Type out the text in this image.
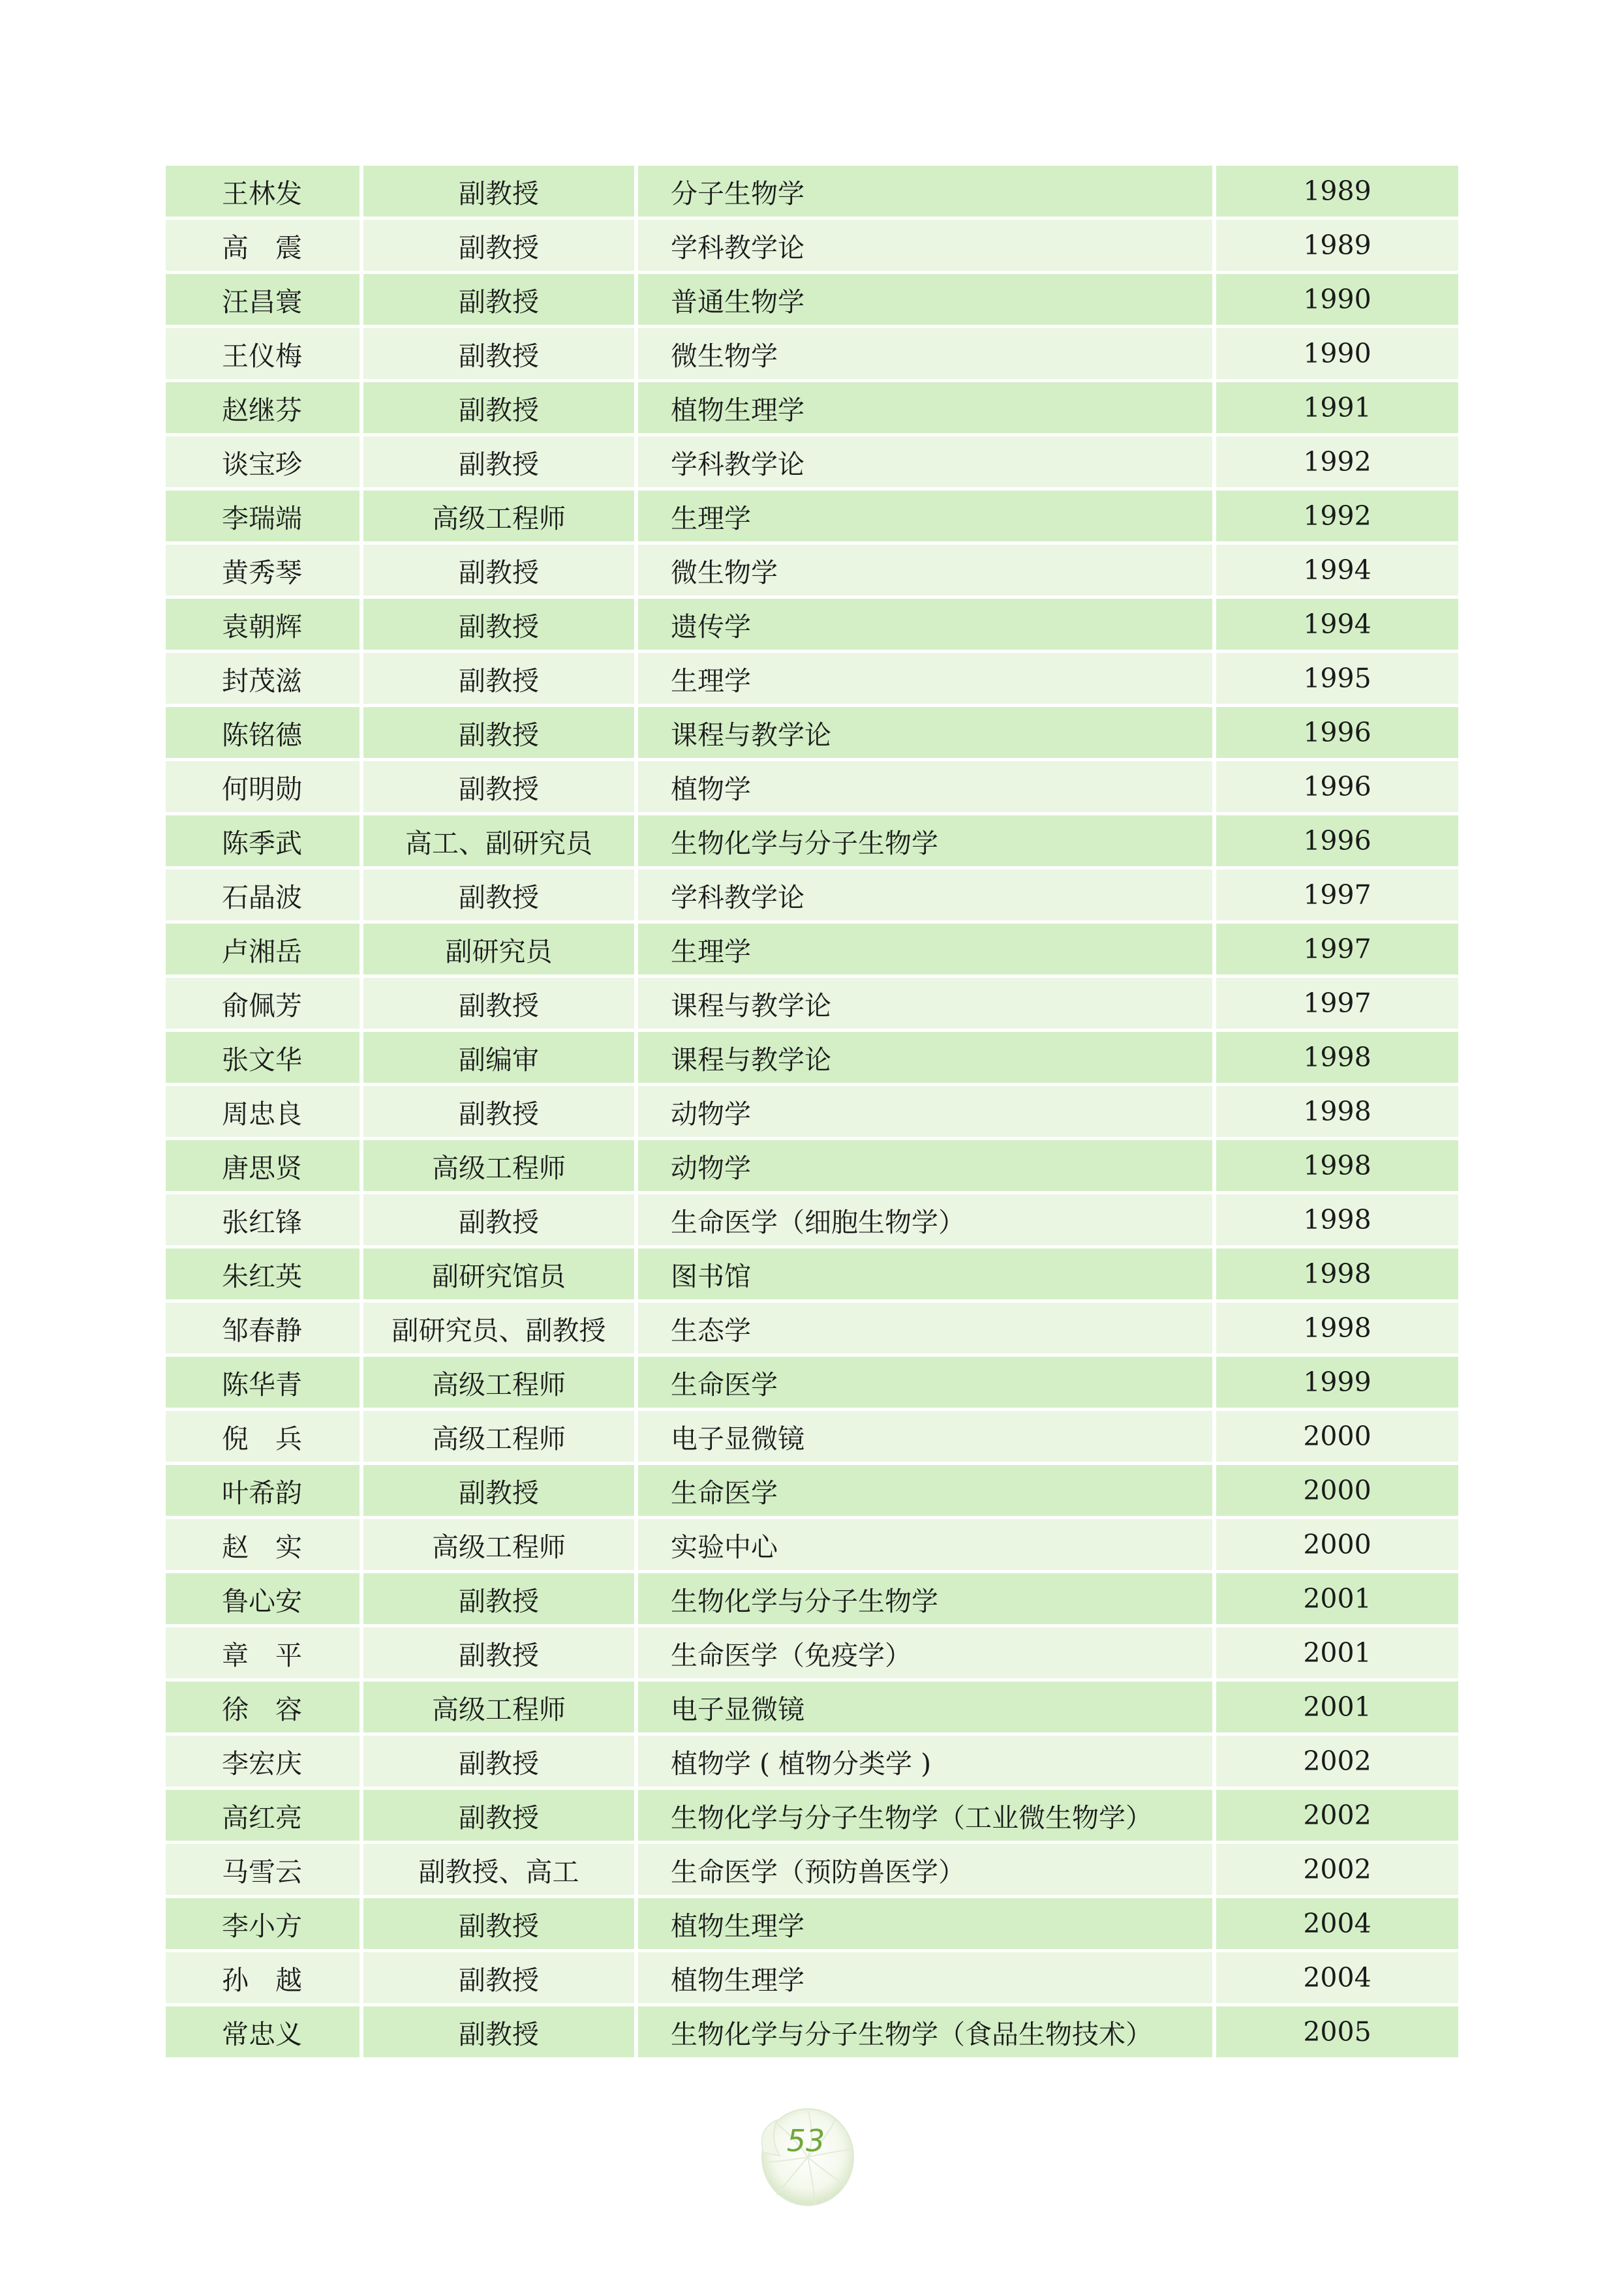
王林发	副教授	分子生物学	1989
高　震	副教授	学科教学论	1989
汪昌寰	副教授	普通生物学	1990
王仪梅	副教授	微生物学	1990
赵继芬	副教授	植物生理学	1991
谈宝珍	副教授	学科教学论	1992
李瑞端	高级工程师	生理学	1992
黄秀琴	副教授	微生物学	1994
袁朝辉	副教授	遗传学	1994
封茂滋	副教授	生理学	1995
陈铭德	副教授	课程与教学论	1996
何明勋	副教授	植物学	1996
陈季武	高工、副研究员	生物化学与分子生物学	1996
石晶波	副教授	学科教学论	1997
卢湘岳	副研究员	生理学	1997
俞佩芳	副教授	课程与教学论	1997
张文华	副编审	课程与教学论	1998
周忠良	副教授	动物学	1998
唐思贤	高级工程师	动物学	1998
张红锋	副教授	生命医学（细胞生物学）	1998
朱红英	副研究馆员	图书馆	1998
邹春静	副研究员、副教授	生态学	1998
陈华青	高级工程师	生命医学	1999
倪　兵	高级工程师	电子显微镜	2000
叶希韵	副教授	生命医学	2000
赵　实	高级工程师	实验中心	2000
鲁心安	副教授	生物化学与分子生物学	2001
章　平	副教授	生命医学（免疫学）	2001
徐　容	高级工程师	电子显微镜	2001
李宏庆	副教授	植物学 ( 植物分类学 )	2002
高红亮	副教授	生物化学与分子生物学（工业微生物学）	2002
马雪云	副教授、高工	生命医学（预防兽医学）	2002
李小方	副教授	植物生理学	2004
孙　越	副教授	植物生理学	2004
常忠义	副教授	生物化学与分子生物学（食品生物技术）	2005
53
